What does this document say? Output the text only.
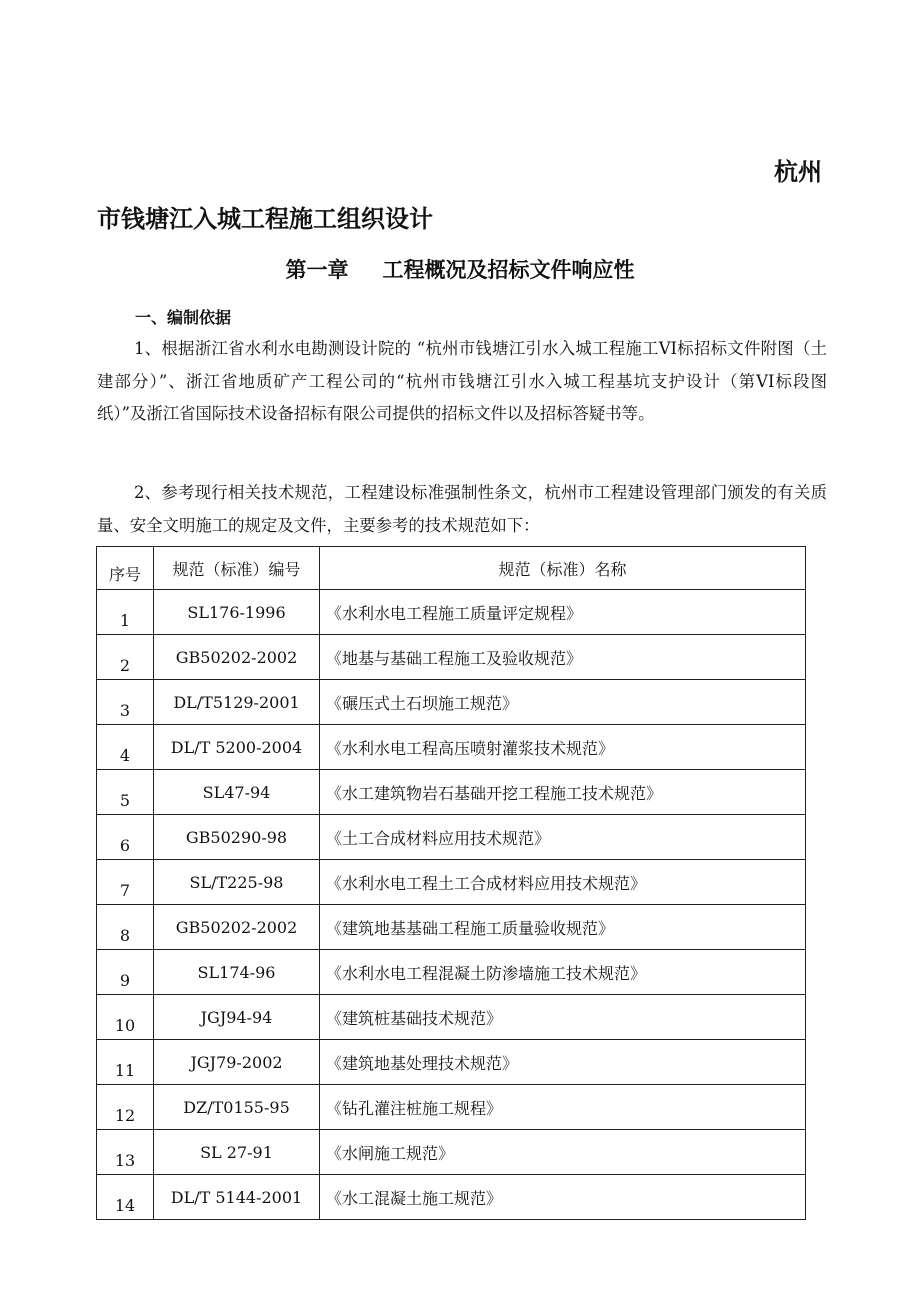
杭州
市钱塘江入城工程施工组织设计
第一章 工程概况及招标文件响应性
一、编制依据

1、根据浙江省水利水电勘测设计院的 “杭州市钱塘江引水入城工程施工VI标招标文件附图（土建部分）”、浙江省地质矿产工程公司的“杭州市钱塘江引水入城工程基坑支护设计（第VI标段图纸）”及浙江省国际技术设备招标有限公司提供的招标文件以及招标答疑书等。

2、参考现行相关技术规范，工程建设标准强制性条文，杭州市工程建设管理部门颁发的有关质量、安全文明施工的规定及文件，主要参考的技术规范如下：

序号	规范（标准）编号	规范（标准）名称
1	SL176-1996	《水利水电工程施工质量评定规程》
2	GB50202-2002	《地基与基础工程施工及验收规范》
3	DL/T5129-2001	《碾压式土石坝施工规范》
4	DL/T 5200-2004	《水利水电工程高压喷射灌浆技术规范》
5	SL47-94	《水工建筑物岩石基础开挖工程施工技术规范》
6	GB50290-98	《土工合成材料应用技术规范》
7	SL/T225-98	《水利水电工程土工合成材料应用技术规范》
8	GB50202-2002	《建筑地基基础工程施工质量验收规范》
9	SL174-96	《水利水电工程混凝土防渗墙施工技术规范》
10	JGJ94-94	《建筑桩基础技术规范》
11	JGJ79-2002	《建筑地基处理技术规范》
12	DZ/T0155-95	《钻孔灌注桩施工规程》
13	SL 27-91	《水闸施工规范》
14	DL/T 5144-2001	《水工混凝土施工规范》
